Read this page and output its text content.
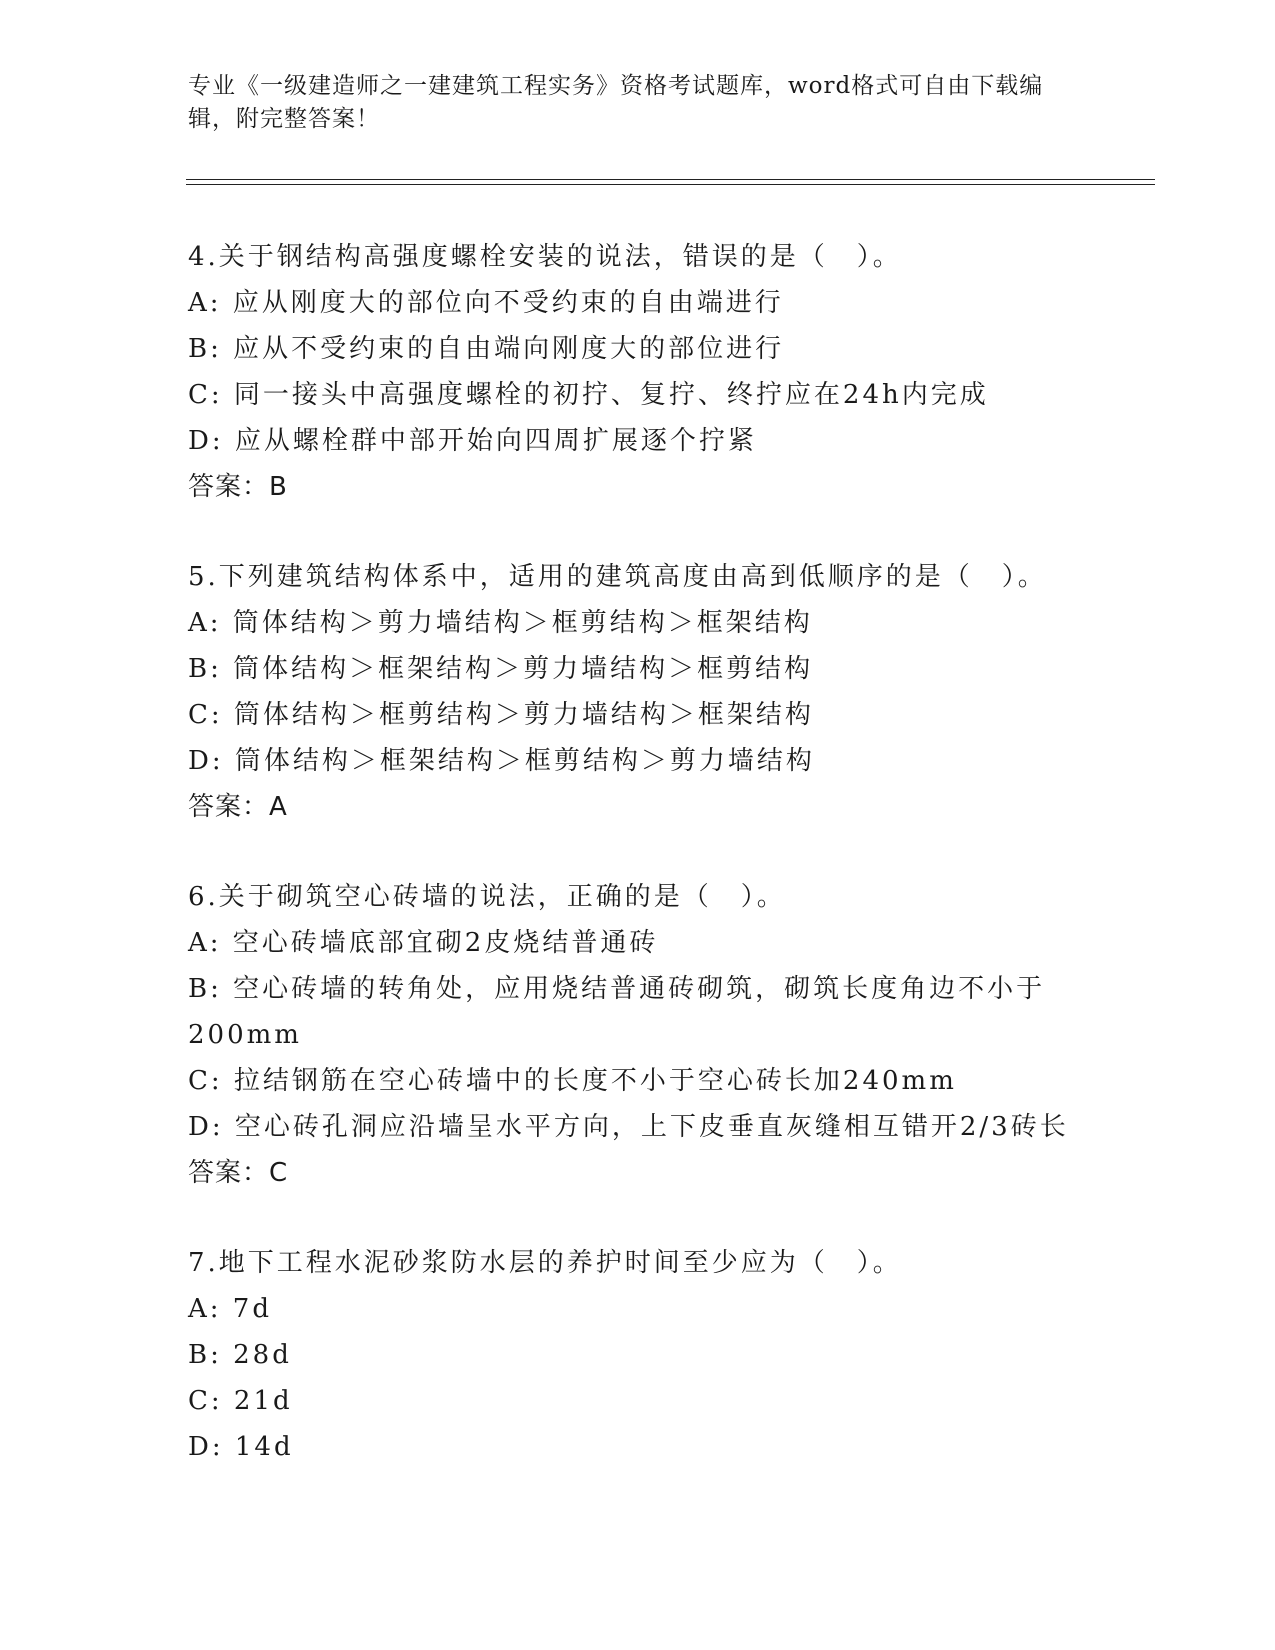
专业《一级建造师之一建建筑工程实务》资格考试题库，word格式可自由下载编辑，附完整答案！
4.关于钢结构高强度螺栓安装的说法，错误的是（　）。
A: 应从刚度大的部位向不受约束的自由端进行
B: 应从不受约束的自由端向刚度大的部位进行
C: 同一接头中高强度螺栓的初拧、复拧、终拧应在24h内完成
D: 应从螺栓群中部开始向四周扩展逐个拧紧
答案：B
5.下列建筑结构体系中，适用的建筑高度由高到低顺序的是（　）。
A: 筒体结构＞剪力墙结构＞框剪结构＞框架结构
B: 筒体结构＞框架结构＞剪力墙结构＞框剪结构
C: 筒体结构＞框剪结构＞剪力墙结构＞框架结构
D: 筒体结构＞框架结构＞框剪结构＞剪力墙结构
答案：A
6.关于砌筑空心砖墙的说法，正确的是（　）。
A: 空心砖墙底部宜砌2皮烧结普通砖
B: 空心砖墙的转角处，应用烧结普通砖砌筑，砌筑长度角边不小于200mm
C: 拉结钢筋在空心砖墙中的长度不小于空心砖长加240mm
D: 空心砖孔洞应沿墙呈水平方向，上下皮垂直灰缝相互错开2/3砖长
答案：C
7.地下工程水泥砂浆防水层的养护时间至少应为（　）。
A: 7d
B: 28d
C: 21d
D: 14d
